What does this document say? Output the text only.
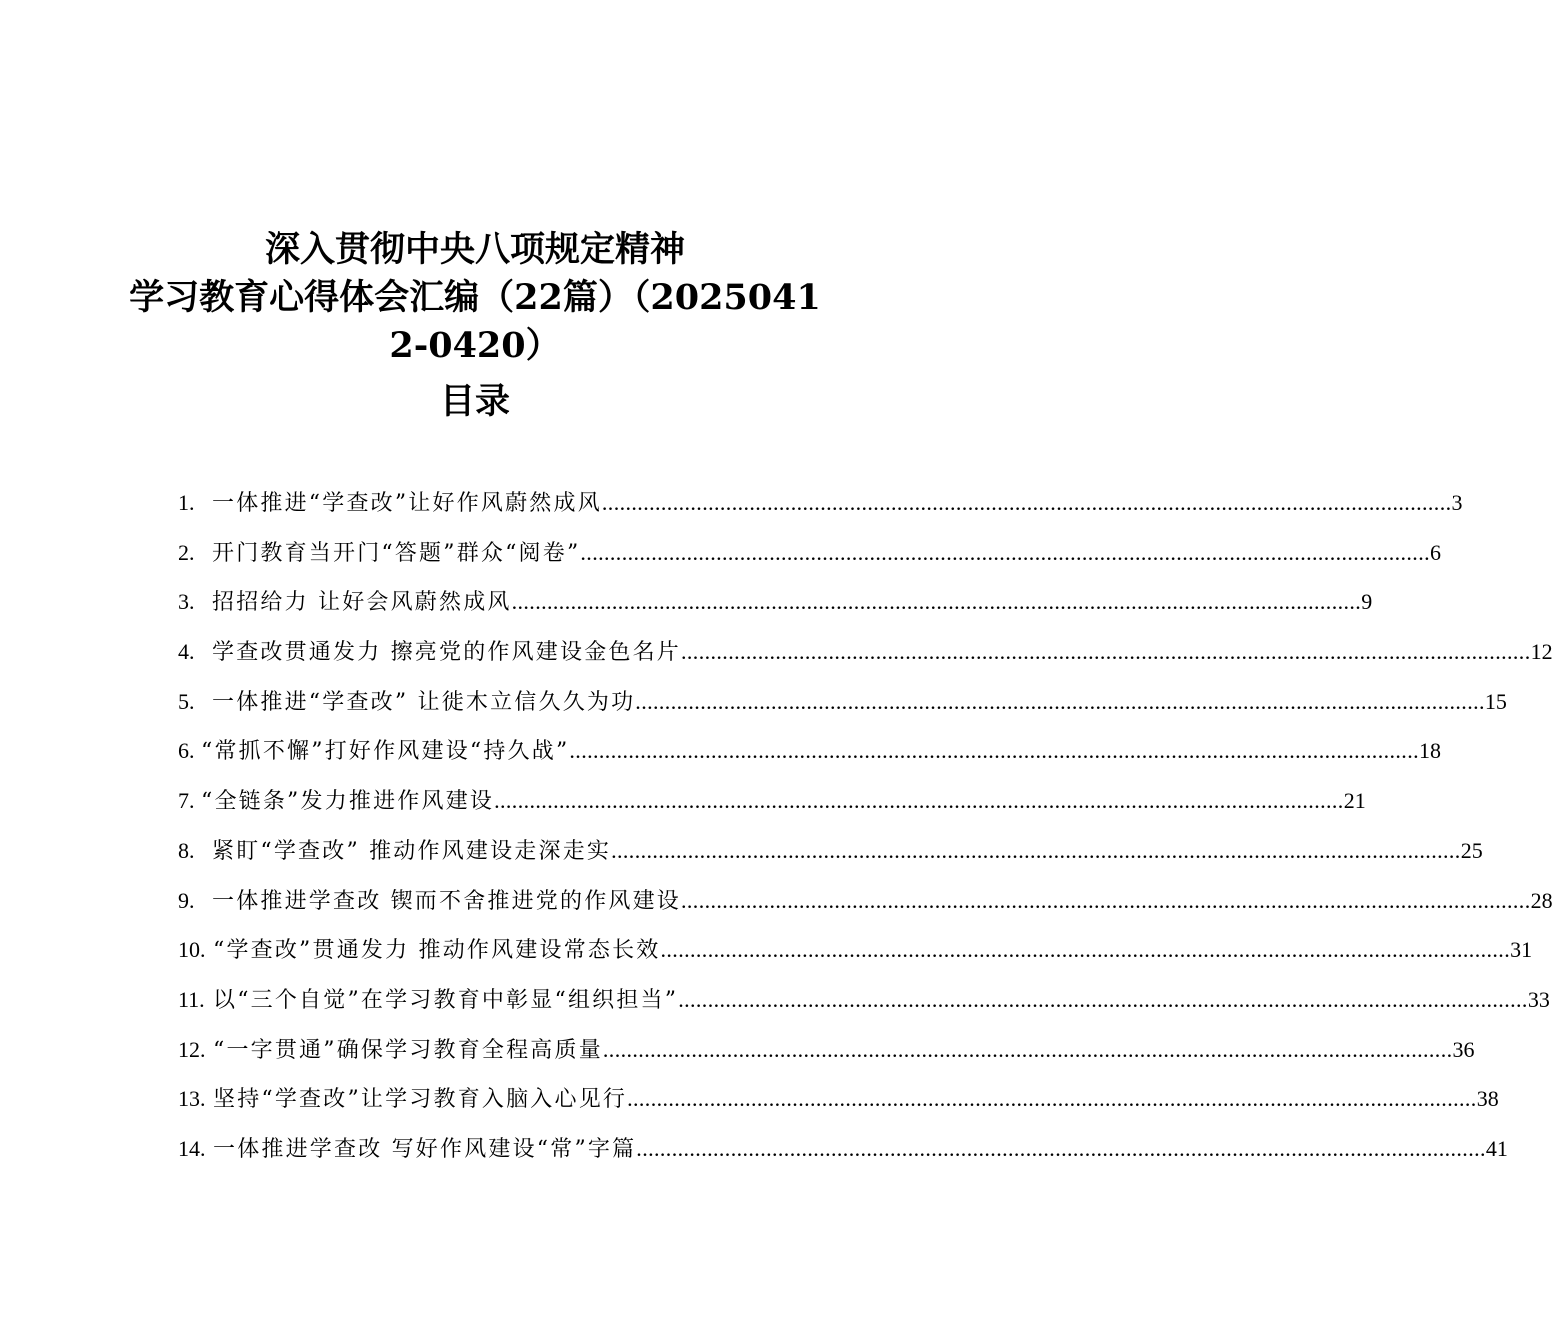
深入贯彻中央八项规定精神
学习教育心得体会汇编（22篇）（2025041
2-0420）
目录
1. 一体推进“学查改”让好作风蔚然成风 .....	3
2. 开门教育当开门“答题”群众“阅卷” .....	6
3. 招招给力 让好会风蔚然成风 .....	9
4. 学查改贯通发力 擦亮党的作风建设金色名片 .....	12
5. 一体推进“学查改” 让徙木立信久久为功 .....	15
6. “常抓不懈”打好作风建设“持久战” .....	18
7. “全链条”发力推进作风建设 .....	21
8. 紧盯“学查改” 推动作风建设走深走实 .....	25
9. 一体推进学查改 锲而不舍推进党的作风建设 .....	28
10. “学查改”贯通发力 推动作风建设常态长效 .....	31
11. 以“三个自觉”在学习教育中彰显“组织担当” .....	33
12. “一字贯通”确保学习教育全程高质量 .....	36
13. 坚持“学查改”让学习教育入脑入心见行 .....	38
14. 一体推进学查改 写好作风建设“常”字篇 .....	41
